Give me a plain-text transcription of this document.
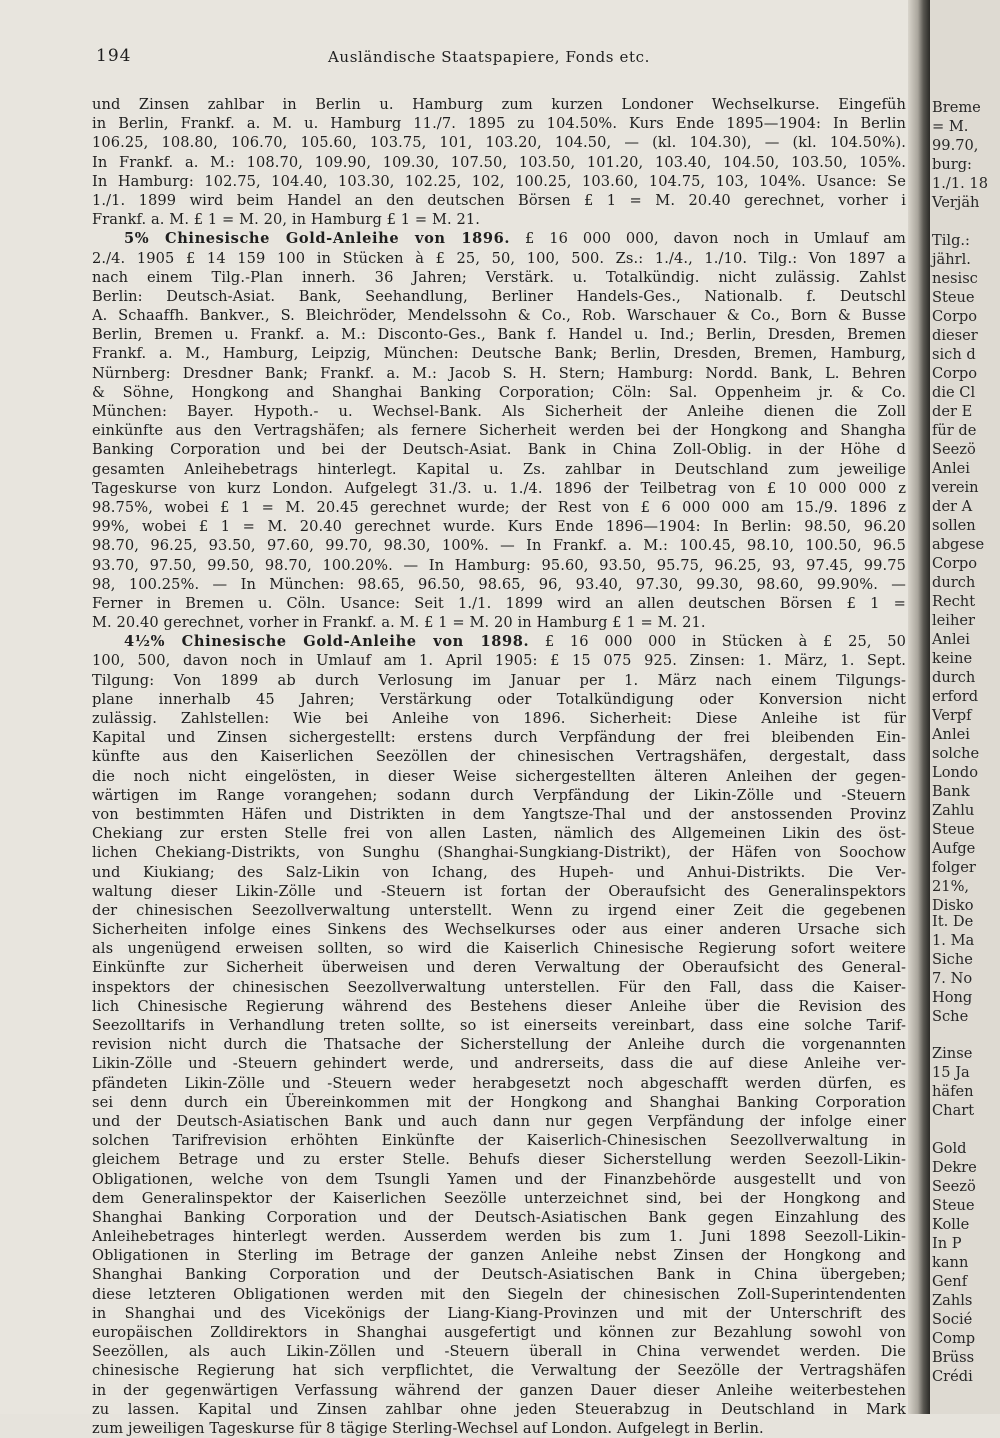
194	Ausländische Staatspapiere, Fonds etc.
und Zinsen zahlbar in Berlin u. Hamburg zum kurzen Londoner Wechselkurse. Eingefüh
in Berlin, Frankf. a. M. u. Hamburg 11./7. 1895 zu 104.50%. Kurs Ende 1895—1904: In Berlin
106.25, 108.80, 106.70, 105.60, 103.75, 101, 103.20, 104.50, — (kl. 104.30), — (kl. 104.50%).
In Frankf. a. M.: 108.70, 109.90, 109.30, 107.50, 103.50, 101.20, 103.40, 104.50, 103.50, 105%.
In Hamburg: 102.75, 104.40, 103.30, 102.25, 102, 100.25, 103.60, 104.75, 103, 104%. Usance: Se
1./1. 1899 wird beim Handel an den deutschen Börsen £ 1 = M. 20.40 gerechnet, vorher i
Frankf. a. M. £ 1 = M. 20, in Hamburg £ 1 = M. 21.
5% Chinesische Gold-Anleihe von 1896. £ 16 000 000, davon noch in Umlauf am
2./4. 1905 £ 14 159 100 in Stücken à £ 25, 50, 100, 500. Zs.: 1./4., 1./10. Tilg.: Von 1897 a
nach einem Tilg.-Plan innerh. 36 Jahren; Verstärk. u. Totalkündig. nicht zulässig. Zahlst
Berlin: Deutsch-Asiat. Bank, Seehandlung, Berliner Handels-Ges., Nationalb. f. Deutschl
A. Schaaffh. Bankver., S. Bleichröder, Mendelssohn & Co., Rob. Warschauer & Co., Born & Busse
Berlin, Bremen u. Frankf. a. M.: Disconto-Ges., Bank f. Handel u. Ind.; Berlin, Dresden, Bremen
Frankf. a. M., Hamburg, Leipzig, München: Deutsche Bank; Berlin, Dresden, Bremen, Hamburg,
Nürnberg: Dresdner Bank; Frankf. a. M.: Jacob S. H. Stern; Hamburg: Nordd. Bank, L. Behren
& Söhne, Hongkong and Shanghai Banking Corporation; Cöln: Sal. Oppenheim jr. & Co.
München: Bayer. Hypoth.- u. Wechsel-Bank. Als Sicherheit der Anleihe dienen die Zoll
einkünfte aus den Vertragshäfen; als fernere Sicherheit werden bei der Hongkong and Shangha
Banking Corporation und bei der Deutsch-Asiat. Bank in China Zoll-Oblig. in der Höhe d
gesamten Anleihebetrags hinterlegt. Kapital u. Zs. zahlbar in Deutschland zum jeweilige
Tageskurse von kurz London. Aufgelegt 31./3. u. 1./4. 1896 der Teilbetrag von £ 10 000 000 z
98.75%, wobei £ 1 = M. 20.45 gerechnet wurde; der Rest von £ 6 000 000 am 15./9. 1896 z
99%, wobei £ 1 = M. 20.40 gerechnet wurde. Kurs Ende 1896—1904: In Berlin: 98.50, 96.20
98.70, 96.25, 93.50, 97.60, 99.70, 98.30, 100%. — In Frankf. a. M.: 100.45, 98.10, 100.50, 96.5
93.70, 97.50, 99.50, 98.70, 100.20%. — In Hamburg: 95.60, 93.50, 95.75, 96.25, 93, 97.45, 99.75
98, 100.25%. — In München: 98.65, 96.50, 98.65, 96, 93.40, 97.30, 99.30, 98.60, 99.90%. —
Ferner in Bremen u. Cöln. Usance: Seit 1./1. 1899 wird an allen deutschen Börsen £ 1 =
M. 20.40 gerechnet, vorher in Frankf. a. M. £ 1 = M. 20 in Hamburg £ 1 = M. 21.
4½% Chinesische Gold-Anleihe von 1898. £ 16 000 000 in Stücken à £ 25, 50
100, 500, davon noch in Umlauf am 1. April 1905: £ 15 075 925. Zinsen: 1. März, 1. Sept.
Tilgung: Von 1899 ab durch Verlosung im Januar per 1. März nach einem Tilgungs-
plane innerhalb 45 Jahren; Verstärkung oder Totalkündigung oder Konversion nicht
zulässig. Zahlstellen: Wie bei Anleihe von 1896. Sicherheit: Diese Anleihe ist für
Kapital und Zinsen sichergestellt: erstens durch Verpfändung der frei bleibenden Ein-
künfte aus den Kaiserlichen Seezöllen der chinesischen Vertragshäfen, dergestalt, dass
die noch nicht eingelösten, in dieser Weise sichergestellten älteren Anleihen der gegen-
wärtigen im Range vorangehen; sodann durch Verpfändung der Likin-Zölle und -Steuern
von bestimmten Häfen und Distrikten in dem Yangtsze-Thal und der anstossenden Provinz
Chekiang zur ersten Stelle frei von allen Lasten, nämlich des Allgemeinen Likin des öst-
lichen Chekiang-Distrikts, von Sunghu (Shanghai-Sungkiang-Distrikt), der Häfen von Soochow
und Kiukiang; des Salz-Likin von Ichang, des Hupeh- und Anhui-Distrikts. Die Ver-
waltung dieser Likin-Zölle und -Steuern ist fortan der Oberaufsicht des Generalinspektors
der chinesischen Seezollverwaltung unterstellt. Wenn zu irgend einer Zeit die gegebenen
Sicherheiten infolge eines Sinkens des Wechselkurses oder aus einer anderen Ursache sich
als ungenügend erweisen sollten, so wird die Kaiserlich Chinesische Regierung sofort weitere
Einkünfte zur Sicherheit überweisen und deren Verwaltung der Oberaufsicht des General-
inspektors der chinesischen Seezollverwaltung unterstellen. Für den Fall, dass die Kaiser-
lich Chinesische Regierung während des Bestehens dieser Anleihe über die Revision des
Seezolltarifs in Verhandlung treten sollte, so ist einerseits vereinbart, dass eine solche Tarif-
revision nicht durch die Thatsache der Sicherstellung der Anleihe durch die vorgenannten
Likin-Zölle und -Steuern gehindert werde, und andrerseits, dass die auf diese Anleihe ver-
pfändeten Likin-Zölle und -Steuern weder herabgesetzt noch abgeschafft werden dürfen, es
sei denn durch ein Übereinkommen mit der Hongkong and Shanghai Banking Corporation
und der Deutsch-Asiatischen Bank und auch dann nur gegen Verpfändung der infolge einer
solchen Tarifrevision erhöhten Einkünfte der Kaiserlich-Chinesischen Seezollverwaltung in
gleichem Betrage und zu erster Stelle. Behufs dieser Sicherstellung werden Seezoll-Likin-
Obligationen, welche von dem Tsungli Yamen und der Finanzbehörde ausgestellt und von
dem Generalinspektor der Kaiserlichen Seezölle unterzeichnet sind, bei der Hongkong and
Shanghai Banking Corporation und der Deutsch-Asiatischen Bank gegen Einzahlung des
Anleihebetrages hinterlegt werden. Ausserdem werden bis zum 1. Juni 1898 Seezoll-Likin-
Obligationen in Sterling im Betrage der ganzen Anleihe nebst Zinsen der Hongkong and
Shanghai Banking Corporation und der Deutsch-Asiatischen Bank in China übergeben;
diese letzteren Obligationen werden mit den Siegeln der chinesischen Zoll-Superintendenten
in Shanghai und des Vicekönigs der Liang-Kiang-Provinzen und mit der Unterschrift des
europäischen Zolldirektors in Shanghai ausgefertigt und können zur Bezahlung sowohl von
Seezöllen, als auch Likin-Zöllen und -Steuern überall in China verwendet werden. Die
chinesische Regierung hat sich verpflichtet, die Verwaltung der Seezölle der Vertragshäfen
in der gegenwärtigen Verfassung während der ganzen Dauer dieser Anleihe weiterbestehen
zu lassen. Kapital und Zinsen zahlbar ohne jeden Steuerabzug in Deutschland in Mark
zum jeweiligen Tageskurse für 8 tägige Sterling-Wechsel auf London. Aufgelegt in Berlin.
Breme
= M.
99.70,
burg:
1./1. 18
Verjäh
Tilg.:
jährl.
nesisc
Steue
Corpo
dieser
sich d
Corpo
die Cl
der E
für de
Seezö
Anlei
verein
der A
sollen
abgese
Corpo
durch
Recht
leiher
Anlei
keine
durch
erford
Verpf
Anlei
solche
Londo
Bank
Zahlu
Steue
Aufge
folger
21%,
Disko
It. De
1. Ma
Siche
7. No
Hong
Sche
Zinse
15 Ja
häfen
Chart
Gold
Dekre
Seezö
Steue
Kolle
In P
kann
Genf
Zahls
Socié
Comp
Brüss
Crédi
